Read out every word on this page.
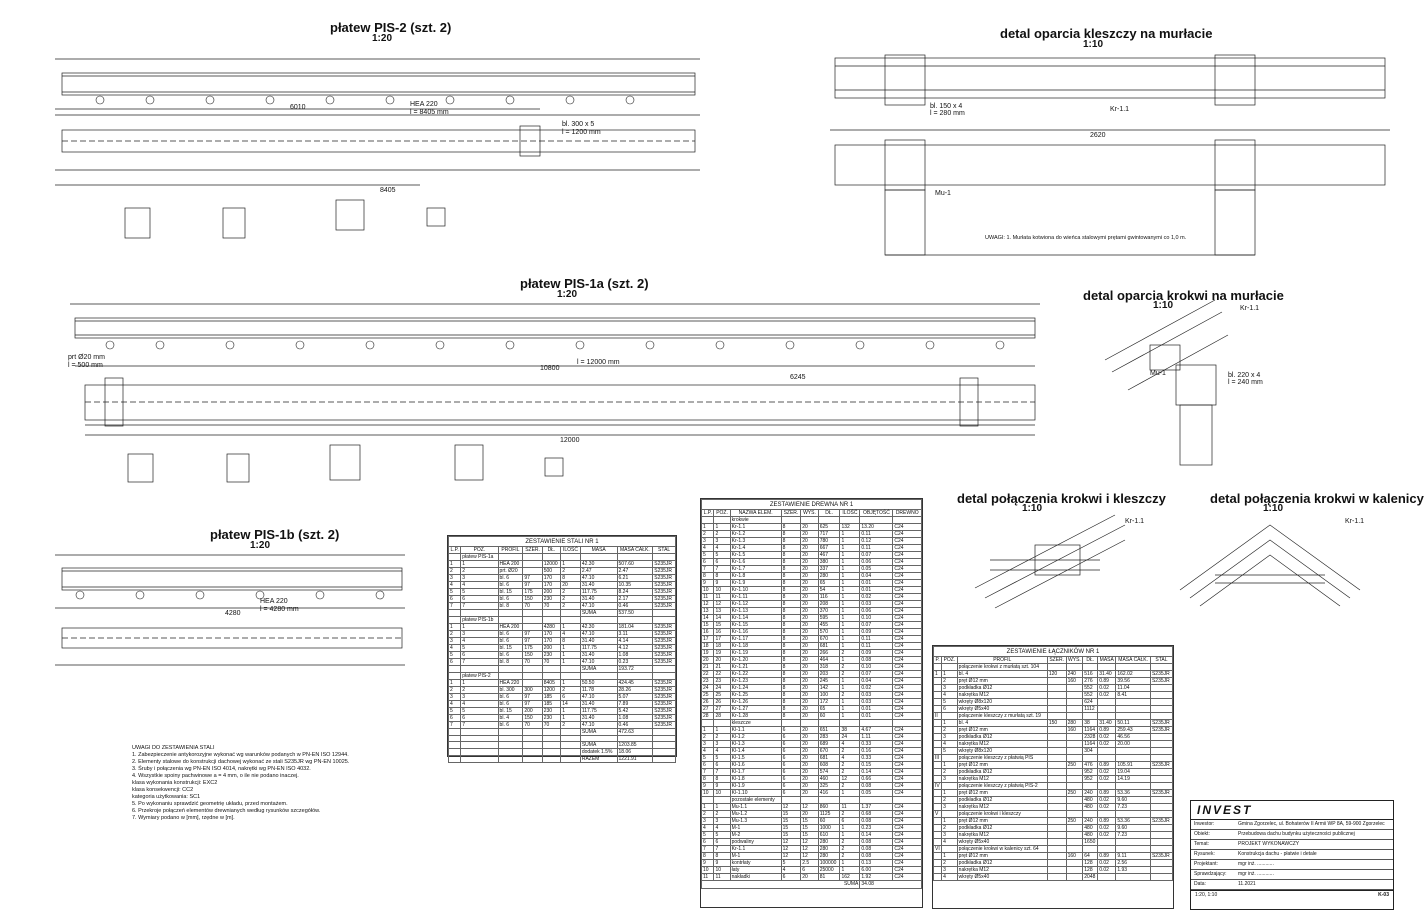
płatew PIS-2 (szt. 2)
1:20
płatew PIS-1a (szt. 2)
1:20
płatew PIS-1b (szt. 2)
1:20
detal oparcia kleszczy na murłacie
1:10
detal oparcia krokwi na murłacie
1:10
detal połączenia krokwi i kleszczy
1:10
detal połączenia krokwi w kalenicy
1:10
HEA 220
l = 8405 mm
8405
6010
bl. 300 x 5
l = 1200 mm
l = 12000 mm
10800
6245
12000
prt Ø20 mm
l = 500 mm
HEA 220
l = 4280 mm
4280
bl. 150 x 4
l = 280 mm
2620
Kr-1.1
Mu-1
Mu-1
Kr-1.1
bl. 220 x 4
l = 240 mm
Kr-1.1	Kr-1.1
UWAGI: 1. Murłata kotwiona do wieńca stalowymi prętami gwintowanymi co 1,0 m.
UWAGI DO ZESTAWIENIA STALI
1. Zabezpieczenie antykorozyjne wykonać wg warunków podanych w PN-EN ISO 12944.
2. Elementy stalowe do konstrukcji dachowej wykonać ze stali S235JR wg PN-EN 10025.
3. Śruby i połączenia wg PN-EN ISO 4014, nakrętki wg PN-EN ISO 4032.
4. Wszystkie spoiny pachwinowe a = 4 mm, o ile nie podano inaczej.
klasa wykonania konstrukcji: EXC2
klasa konsekwencji: CC2
kategoria użytkowania: SC1
5. Po wykonaniu sprawdzić geometrię układu, przed montażem.
6. Przekroje połączeń elementów drewnianych według rysunków szczegółów.
7. Wymiary podano w [mm], rzędne w [m].
ZESTAWIENIE STALI NR 1								
L.P.	POZ.	PROFIL	SZER.	DŁ.	ILOŚĆ	MASA	MASA CAŁK.	STAL
	płatew PIS-1a							
1	1	HEA 200		12000	1	42.30	507.60	S235JR
2	2	prt. Ø20		500	2	2.47	2.47	S235JR
3	3	bl. 6	97	170	8	47.10	6.21	S235JR
4	4	bl. 6	97	170	20	31.40	10.35	S235JR
5	5	bl. 15	175	200	2	117.75	8.24	S235JR
6	6	bl. 6	150	230	2	31.40	2.17	S235JR
7	7	bl. 8	70	70	2	47.10	0.46	S235JR
						SUMA	537.50	
	płatew PIS-1b							
1	1	HEA 200		4280	1	42.30	181.04	S235JR
2	3	bl. 6	97	170	4	47.10	3.11	S235JR
3	4	bl. 6	97	170	8	31.40	4.14	S235JR
4	5	bl. 15	175	200	1	117.75	4.12	S235JR
5	6	bl. 6	150	230	1	31.40	1.08	S235JR
6	7	bl. 8	70	70	1	47.10	0.23	S235JR
						SUMA	193.72	
	płatew PIS-2							
1	1	HEA 220		8405	1	50.50	424.45	S235JR
2	2	bl. 300	300	1200	2	11.78	28.26	S235JR
3	3	bl. 6	97	185	6	47.10	5.07	S235JR
4	4	bl. 6	97	185	14	31.40	7.89	S235JR
5	5	bl. 15	200	230	1	117.75	5.42	S235JR
6	6	bl. 4	150	230	1	31.40	1.08	S235JR
7	7	bl. 6	70	70	2	47.10	0.46	S235JR
						SUMA	472.63	

						SUMA	1203.85	
						dodatek 1.5%	18.06	
						RAZEM	1221.91	
ZESTAWIENIE DREWNA NR 1								
L.P.	POZ.	NAZWA ELEM.	SZER.	WYS.	DŁ.	ILOŚĆ	OBJĘTOŚĆ	DREWNO
		krokwie						
1	1	Kr-1.1	8	20	625	132	13.20	C24
2	2	Kr-1.2	8	20	717	1	0.11	C24
3	3	Kr-1.3	8	20	780	1	0.12	C24
4	4	Kr-1.4	8	20	667	1	0.11	C24
5	5	Kr-1.5	8	20	467	1	0.07	C24
6	6	Kr-1.6	8	20	380	1	0.06	C24
7	7	Kr-1.7	8	20	337	1	0.05	C24
8	8	Kr-1.8	8	20	280	1	0.04	C24
9	9	Kr-1.9	8	20	65	1	0.01	C24
10	10	Kr-1.10	8	20	54	1	0.01	C24
11	11	Kr-1.11	8	20	116	1	0.02	C24
12	12	Kr-1.12	8	20	208	1	0.03	C24
13	13	Kr-1.13	8	20	370	1	0.06	C24
14	14	Kr-1.14	8	20	595	1	0.10	C24
15	15	Kr-1.15	8	20	455	1	0.07	C24
16	16	Kr-1.16	8	20	570	1	0.09	C24
17	17	Kr-1.17	8	20	670	1	0.11	C24
18	18	Kr-1.18	8	20	681	1	0.11	C24
19	19	Kr-1.19	8	20	266	2	0.09	C24
20	20	Kr-1.20	8	20	464	1	0.08	C24
21	21	Kr-1.21	8	20	318	2	0.10	C24
22	22	Kr-1.22	8	20	203	2	0.07	C24
23	23	Kr-1.23	8	20	245	1	0.04	C24
24	24	Kr-1.24	8	20	142	1	0.02	C24
25	25	Kr-1.25	8	20	100	2	0.03	C24
26	26	Kr-1.26	8	20	172	1	0.03	C24
27	27	Kr-1.27	8	20	65	1	0.01	C24
28	28	Kr-1.28	8	20	60	1	0.01	C24
		kleszcze						
1	1	Kl-1.1	6	20	651	38	4.67	C24
2	2	Kl-1.2	6	20	283	24	1.11	C24
3	3	Kl-1.3	6	20	689	4	0.33	C24
4	4	Kl-1.4	6	20	670	2	0.16	C24
5	5	Kl-1.5	6	20	681	4	0.33	C24
6	6	Kl-1.6	6	20	608	2	0.15	C24
7	7	Kl-1.7	6	20	574	2	0.14	C24
8	8	Kl-1.8	6	20	460	12	0.66	C24
9	9	Kl-1.9	6	20	325	2	0.08	C24
10	10	Kl-1.10	6	20	416	1	0.05	C24
		pozostałe elementy						
1	1	Mu-1.1	12	12	860	11	1.37	C24
2	2	Mu-1.2	15	20	1125	2	0.68	C24
3	3	Mu-1.3	15	15	60	6	0.08	C24
4	4	M-1	15	15	1000	1	0.23	C24
5	5	M-2	15	15	610	1	0.14	C24
6	6	podwaliny	12	12	280	2	0.08	C24
7	7	Kr-1.1	12	12	280	2	0.08	C24
8	8	M-1	12	12	280	2	0.08	C24
9	9	kontrłaty	5	2.5	100000	1	0.13	C24
10	10	łaty	4	6	25000	1	6.00	C24
11	11	nakładki	6	20	81	162	1.92	C24
SUMA							34.08	
ZESTAWIENIE ŁĄCZNIKÓW NR 1								
P.	POZ.	PROFIL	SZER.	WYS.	DŁ.	MASA	MASA CAŁK.	STAL
		połączenie krokwi z murłatą szt. 104						
1	1	bl. 4	120	240	516	31.40	162.02	S235JR
	2	pręt Ø12 mm		160	276	0.89	39.56	S235JR
	3	podkładka Ø12			552	0.02	11.04	
	4	nakrętka M12			552	0.02	8.41	
	5	wkręty Ø8x120			624			
	6	wkręty Ø5x40			1112			
II		połączenie kleszczy z murłatą szt. 19						
	1	bl. 4	150	280	38	31.40	50.11	S235JR
	2	pręt Ø12 mm		160	1164	0.89	259.43	S235JR
	3	podkładka Ø12			2328	0.02	46.56	
	4	nakrętka M12			1164	0.02	20.00	
	5	wkręty Ø8x120			304			
III		połączenie kleszczy z płatwią PIS						
	1	pręt Ø12 mm		250	476	0.89	105.91	S235JR
	2	podkładka Ø12			952	0.02	19.04	
	3	nakrętka M12			952	0.02	14.19	
IV		połączenie kleszczy z płatwią PIS-2						
	1	pręt Ø12 mm		250	240	0.89	53.36	S235JR
	2	podkładka Ø12			480	0.02	9.60	
	3	nakrętka M12			480	0.02	7.23	
V		połączenie krokwi i kleszczy						
	1	pręt Ø12 mm		250	240	0.89	53.36	S235JR
	2	podkładka Ø12			480	0.02	9.60	
	3	nakrętka M12			480	0.02	7.23	
	4	wkręty Ø5x40			1650			
VI		połączenie krokwi w kalenicy szt. 64						
	1	pręt Ø12 mm		160	64	0.89	9.11	S235JR
	2	podkładka Ø12			128	0.02	2.56	
	3	nakrętka M12			128	0.02	1.93	
	4	wkręty Ø5x40			2048			
INVEST
Inwestor:	Gmina Zgorzelec, ul. Bohaterów II Armii WP 8A, 59-900 Zgorzelec
Obiekt:	Przebudowa dachu budynku użyteczności publicznej
Temat:	PROJEKT WYKONAWCZY
Rysunek:	Konstrukcja dachu - płatwie i detale
Projektant:	mgr inż. ............
Sprawdzający:	mgr inż. ............
Data:	11.2021
1:20, 1:10	K-03
